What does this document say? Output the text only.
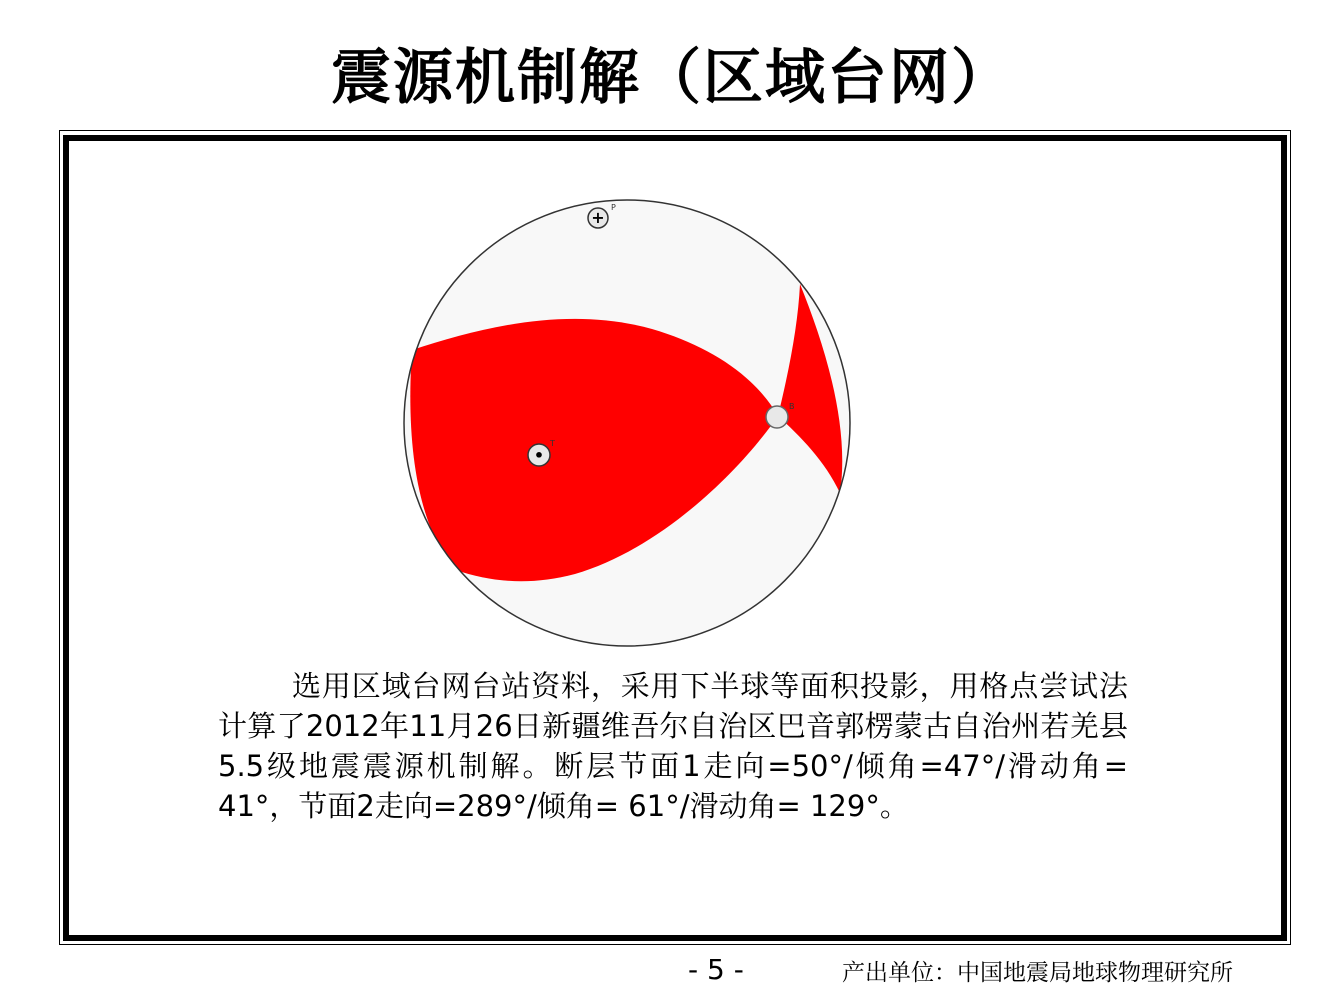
震源机制解（区域台网）
+
P
B
•
T
选用区域台网台站资料，采用下半球等面积投影，用格点尝试法计算了2012年11月26日新疆维吾尔自治区巴音郭楞蒙古自治州若羌县5.5级地震震源机制解。断层节面1走向=50°/倾角=47°/滑动角= 41°，节面2走向=289°/倾角= 61°/滑动角= 129°。
- 5 -	产出单位：中国地震局地球物理研究所
